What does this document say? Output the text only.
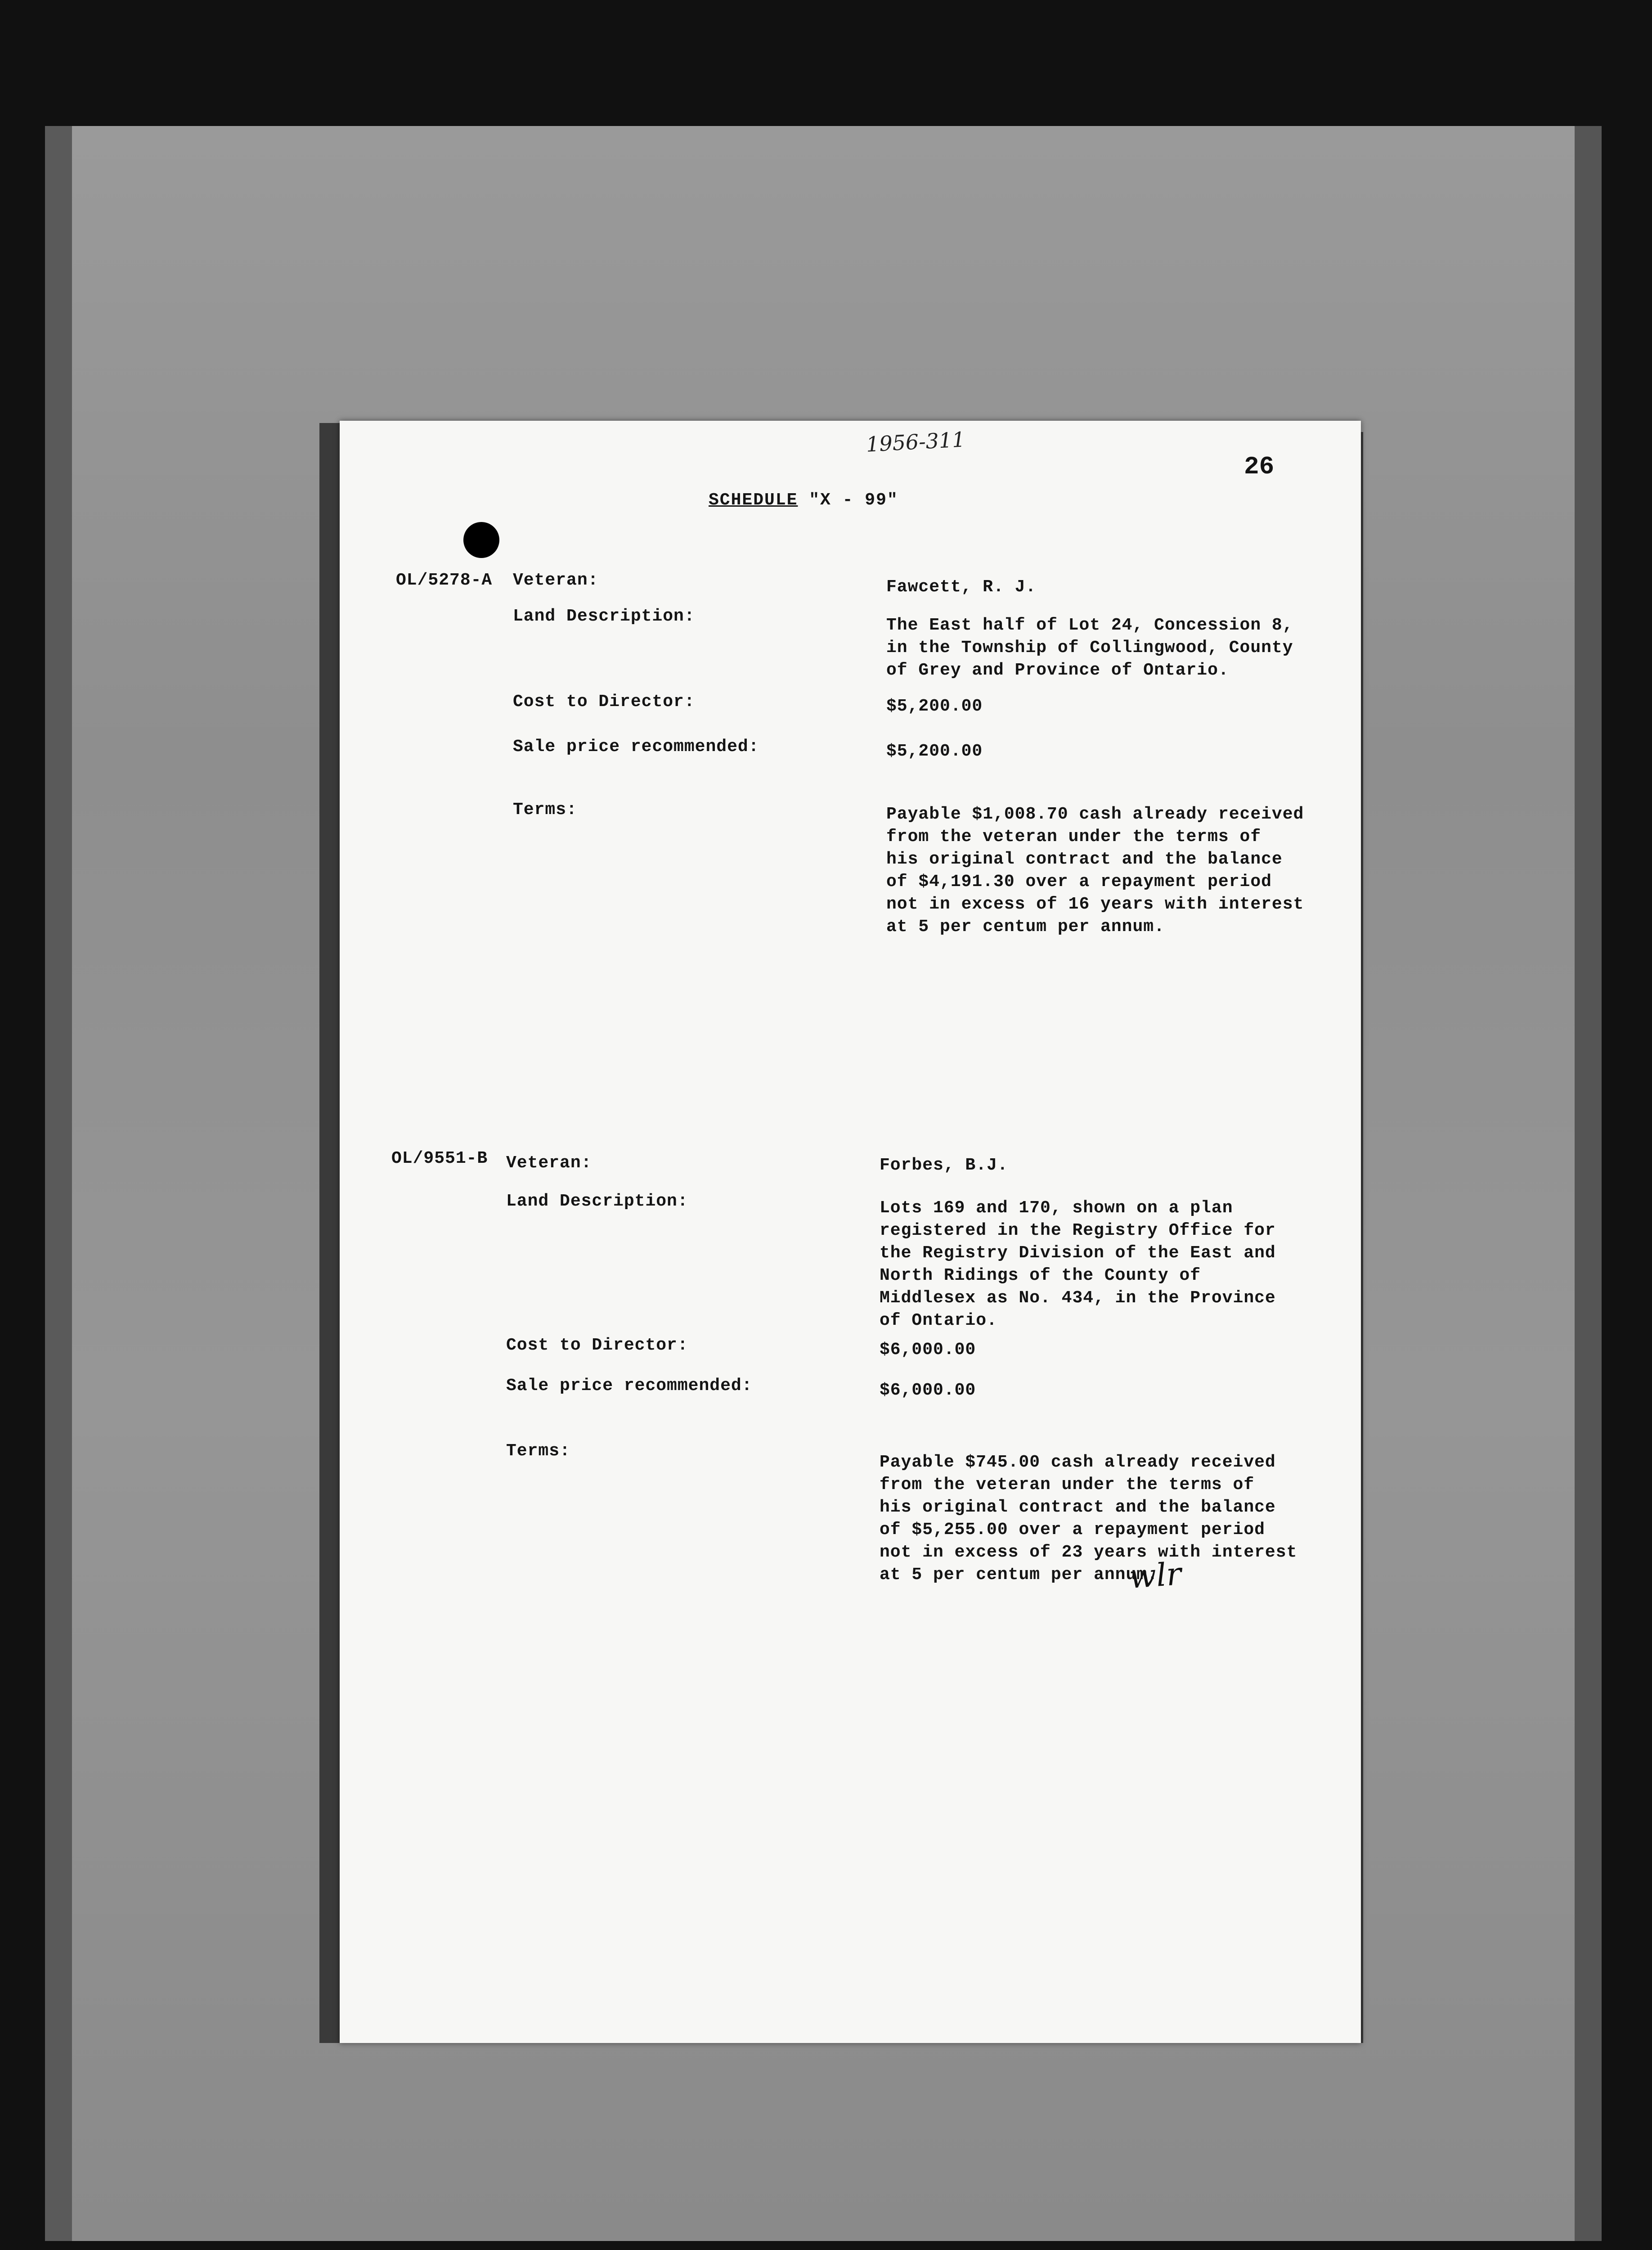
1956-311
26
SCHEDULE "X - 99"
OL/5278-A Veteran:	Fawcett, R. J.
Land Description:	The East half of Lot 24, Concession 8,
in the Township of Collingwood, County
of Grey and Province of Ontario.
Cost to Director:	$5,200.00
Sale price recommended:	$5,200.00
Terms:	Payable $1,008.70 cash already received
from the veteran under the terms of
his original contract and the balance
of $4,191.30 over a repayment period
not in excess of 16 years with interest
at 5 per centum per annum.
OL/9551-B Veteran:	Forbes, B.J.
Land Description:	Lots 169 and 170, shown on a plan
registered in the Registry Office for
the Registry Division of the East and
North Ridings of the County of
Middlesex as No. 434, in the Province
of Ontario.
Cost to Director:	$6,000.00
Sale price recommended:	$6,000.00
Terms:
Payable $745.00 cash already received
from the veteran under the terms of
his original contract and the balance
of $5,255.00 over a repayment period
not in excess of 23 years with interest
at 5 per centum per annum.
wlr
